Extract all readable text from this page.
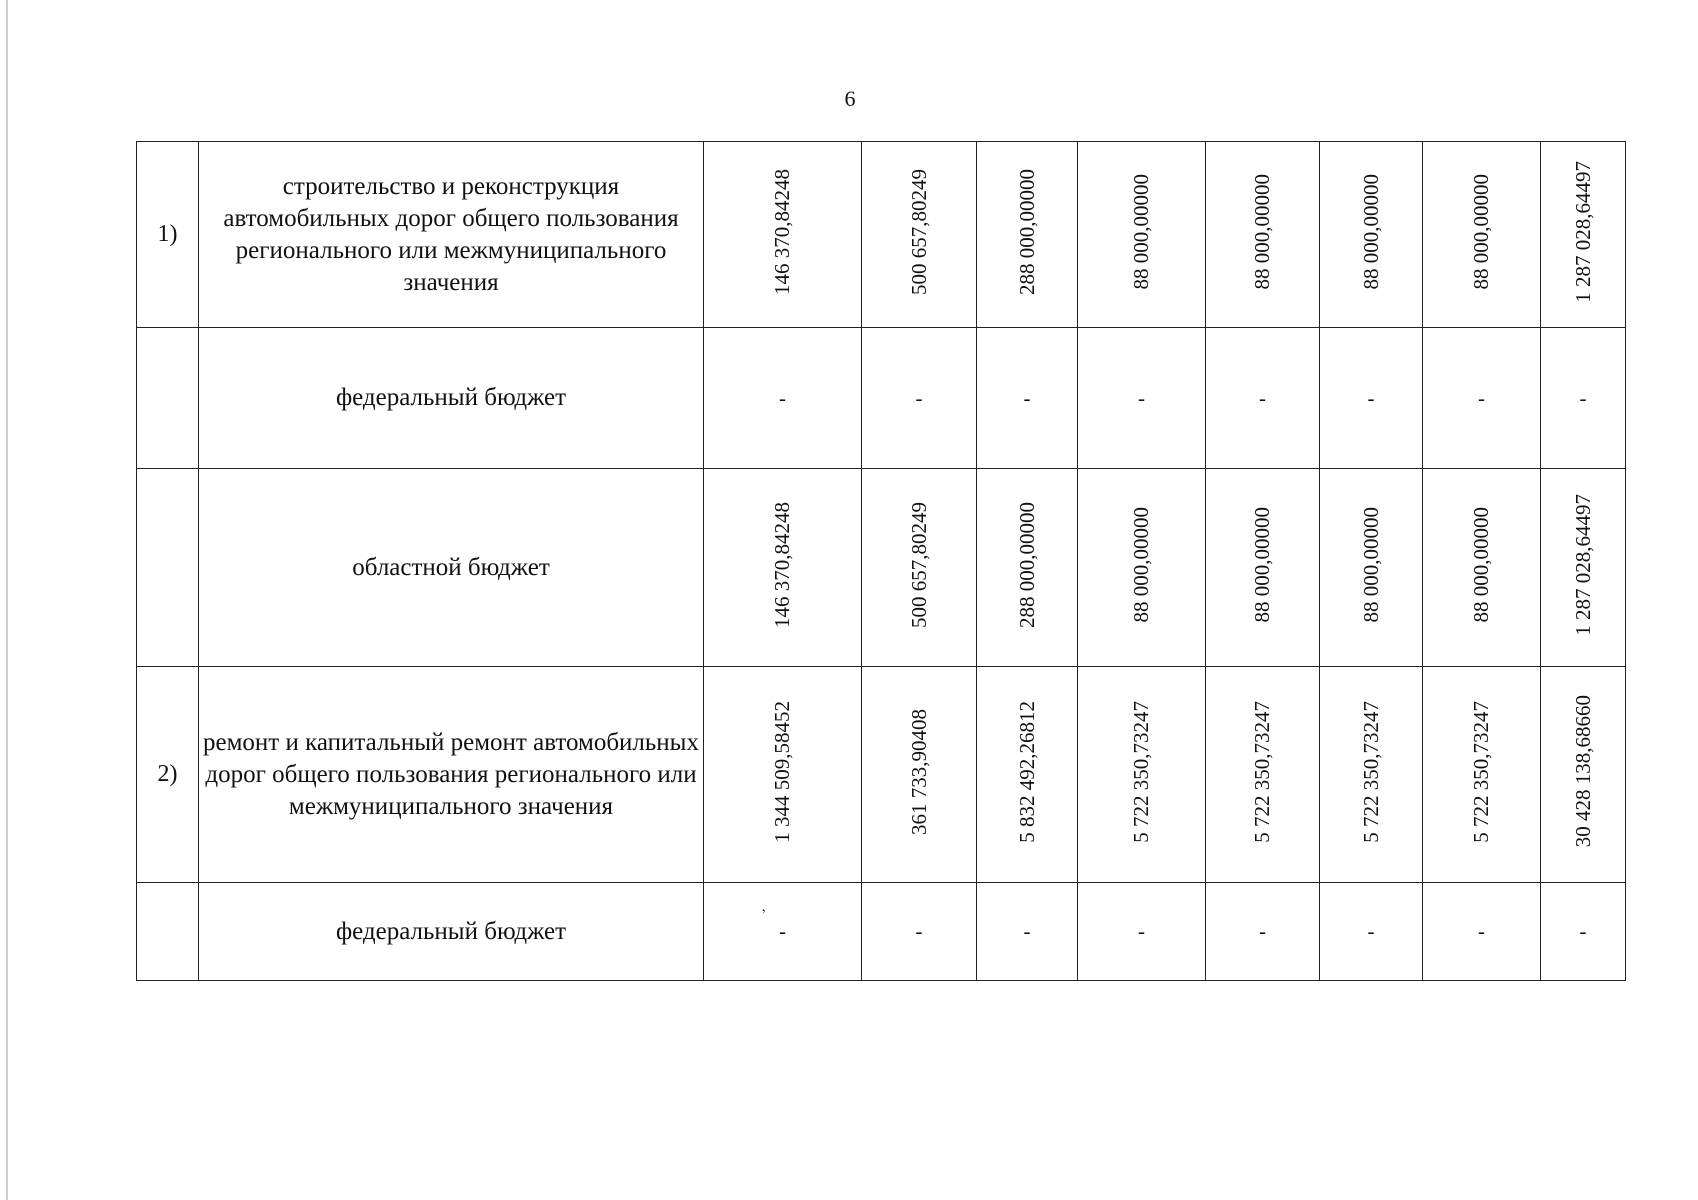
6
1)	строительство и реконструкция автомобильных дорог общего пользования регионального или межмуниципального значения	146 370,84248	500 657,80249	288 000,00000	88 000,00000	88 000,00000	88 000,00000	88 000,00000	1 287 028,64497
	федеральный бюджет	-	-	-	-	-	-	-	-
	областной бюджет	146 370,84248	500 657,80249	288 000,00000	88 000,00000	88 000,00000	88 000,00000	88 000,00000	1 287 028,64497
2)	ремонт и капитальный ремонт автомобильных дорог общего пользования регионального или межмуниципального значения	1 344 509,58452	361 733,90408	5 832 492,26812	5 722 350,73247	5 722 350,73247	5 722 350,73247	5 722 350,73247	30 428 138,68660
	федеральный бюджет	-	-	-	-	-	-	-	-
,
